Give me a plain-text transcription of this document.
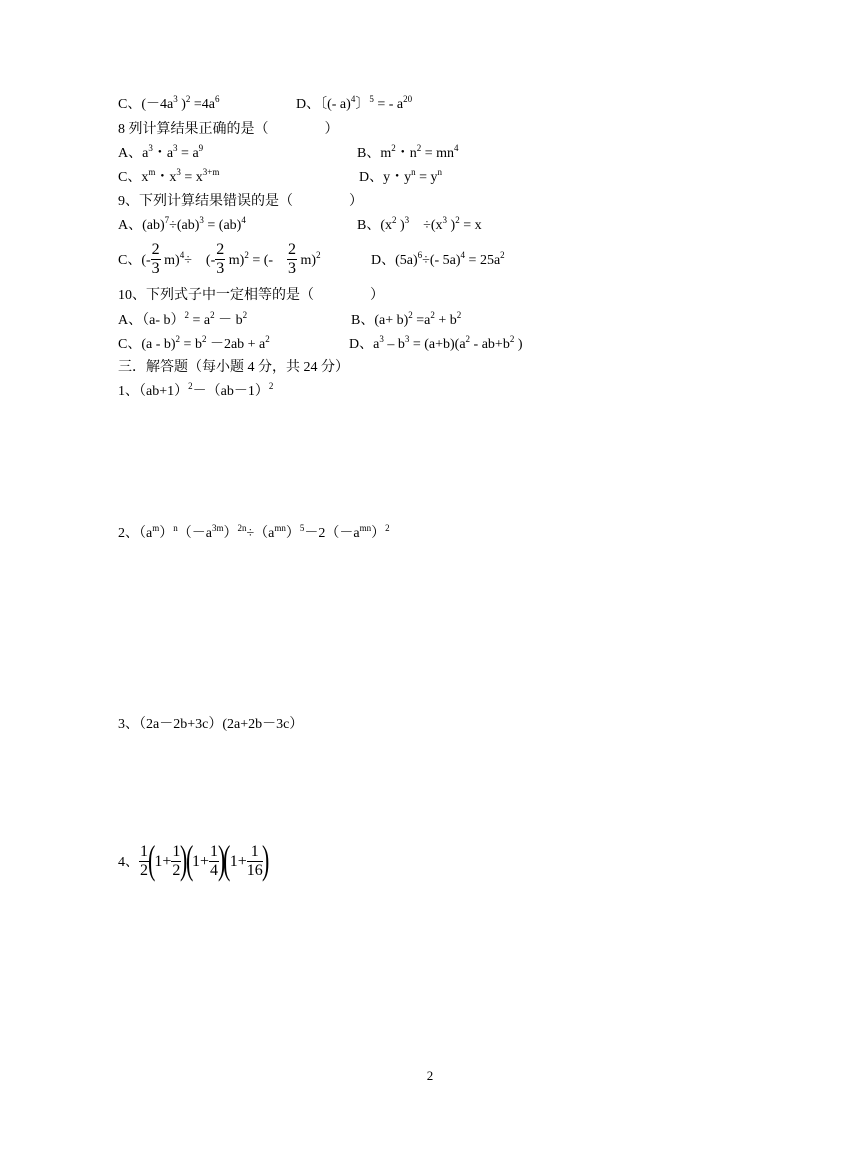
C、($-4a^3$ )$^2 =4a^6$	D、〔(- a)$^4$〕$^5$ = - $a^{20}$
8 列计算结果正确的是（　　　　）
A、$a^3$・$a^3 = a^9$	B、$m^2$・$n^2 = mn^4$
C、$x^m$・$x^3 = x^{3+m}$	D、y・$y^n = y^n$
9、下列计算结果错误的是（　　　　）
A、(ab)$^7$÷(ab)$^3$ = (ab)$^4$	B、($x^2$ )$^3$　$\div(x^3$ )$^2$ = x
C、(- $\frac{2}{3} m)^4\div$　(- $\frac{2}{3} m)^2$ = (-　 $\frac{2}{3} m)^2$	D、$(5a)^6\div(-$ $5a)^4 = 25a^2$
10、下列式子中一定相等的是（　　　　）
A、（a- $b)^2 = a^2 - b^2$	B、$(a+ b)^2 =a^2 + b^2$
C、$(a - b)^2 = b^2 -2ab + a^2$	D、$a^3 - b^3 = (a+b)(a^2 - ab+b^2$ )
三．解答题（每小题 4 分，共 24 分）
1、$(ab+1)^2-(ab-1)^2$
2、$(a^m)^n(-a^{3m})^{2n}\div(a^{mn})^5-2(-a^{mn})^2$
3、（2a－2b+3c）(2a+2b－3c）
4、 $\frac{1}{2}$
($1+ \frac{1}{2}$
)($1+ \frac{1}{4}$
)($1+ \frac{1}{16}$
)
2
